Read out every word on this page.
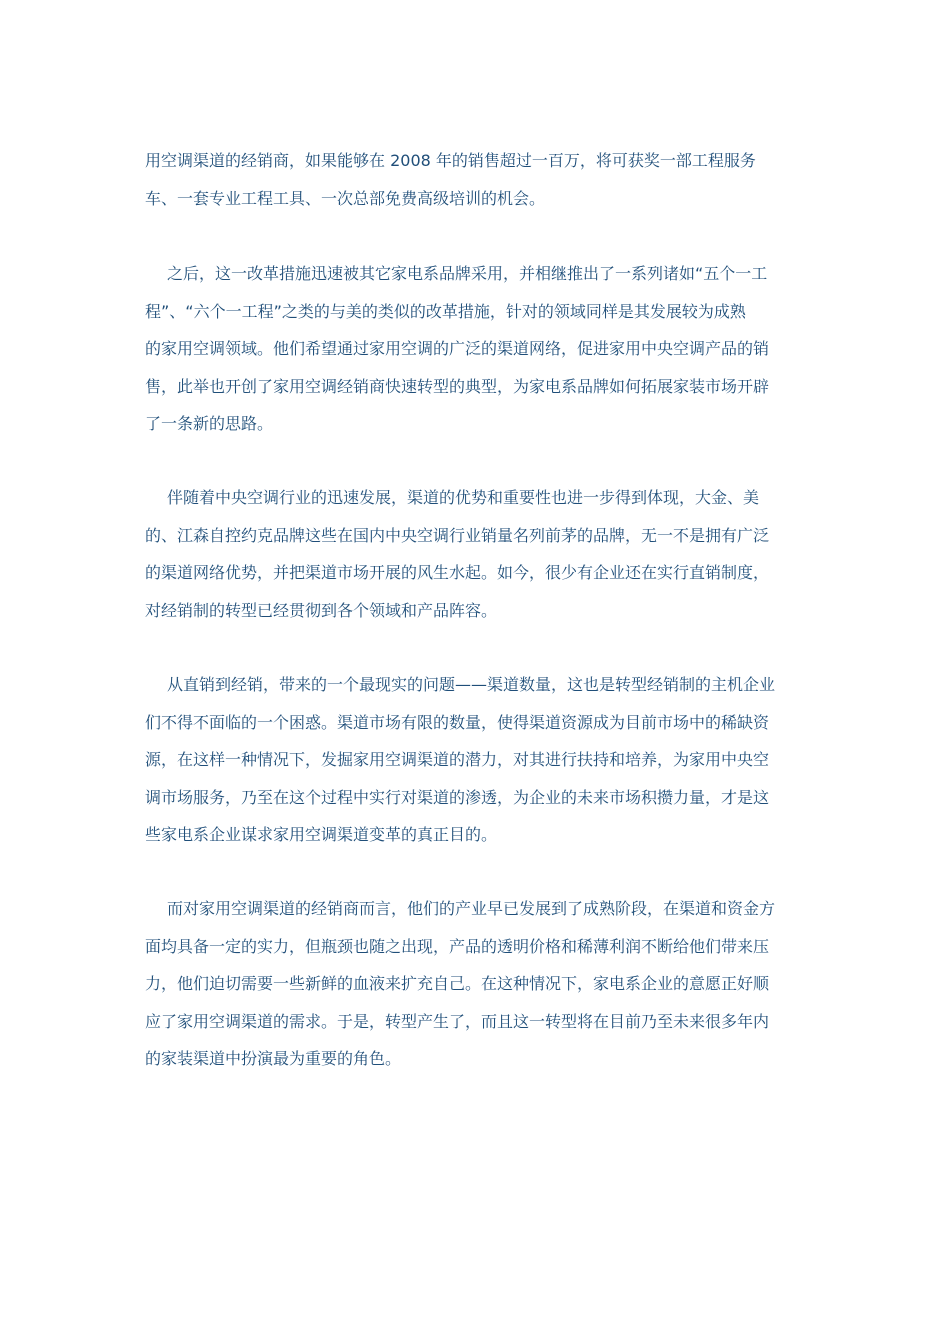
用空调渠道的经销商，如果能够在 2008 年的销售超过一百万，将可获奖一部工程服务
车、一套专业工程工具、一次总部免费高级培训的机会。
之后，这一改革措施迅速被其它家电系品牌采用，并相继推出了一系列诸如“五个一工
程”、“六个一工程”之类的与美的类似的改革措施，针对的领域同样是其发展较为成熟
的家用空调领域。他们希望通过家用空调的广泛的渠道网络，促进家用中央空调产品的销
售，此举也开创了家用空调经销商快速转型的典型，为家电系品牌如何拓展家装市场开辟
了一条新的思路。
伴随着中央空调行业的迅速发展，渠道的优势和重要性也进一步得到体现，大金、美
的、江森自控约克品牌这些在国内中央空调行业销量名列前茅的品牌，无一不是拥有广泛
的渠道网络优势，并把渠道市场开展的风生水起。如今，很少有企业还在实行直销制度，
对经销制的转型已经贯彻到各个领域和产品阵容。
从直销到经销，带来的一个最现实的问题——渠道数量，这也是转型经销制的主机企业
们不得不面临的一个困惑。渠道市场有限的数量，使得渠道资源成为目前市场中的稀缺资
源，在这样一种情况下，发掘家用空调渠道的潜力，对其进行扶持和培养，为家用中央空
调市场服务，乃至在这个过程中实行对渠道的渗透，为企业的未来市场积攒力量，才是这
些家电系企业谋求家用空调渠道变革的真正目的。
而对家用空调渠道的经销商而言，他们的产业早已发展到了成熟阶段，在渠道和资金方
面均具备一定的实力，但瓶颈也随之出现，产品的透明价格和稀薄利润不断给他们带来压
力，他们迫切需要一些新鲜的血液来扩充自己。在这种情况下，家电系企业的意愿正好顺
应了家用空调渠道的需求。于是，转型产生了，而且这一转型将在目前乃至未来很多年内
的家装渠道中扮演最为重要的角色。
